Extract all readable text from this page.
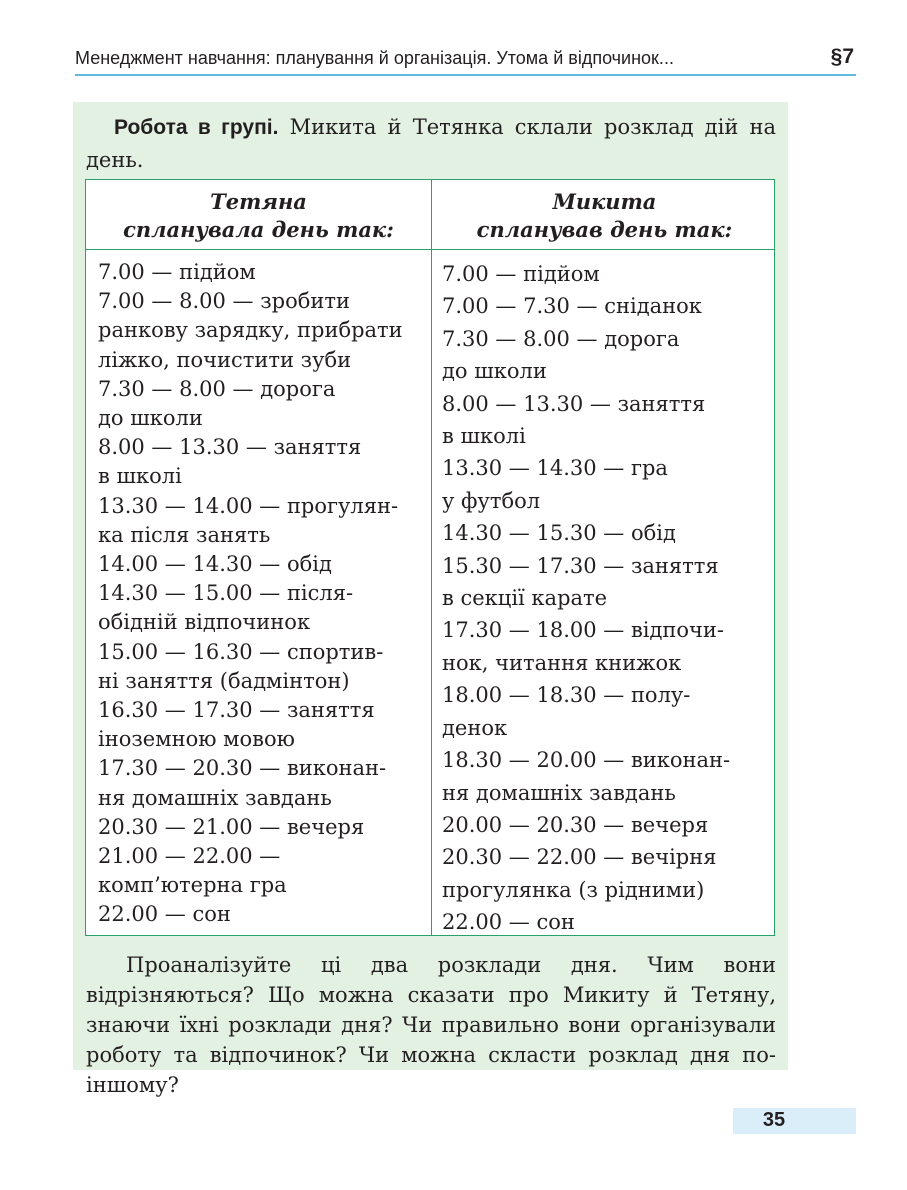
Менеджмент навчання: планування й організація. Утома й відпочинок...	§7

Робота в групі. Микита й Тетянка склали розклад дій на день.

Тетяна
спланувала день так:
Микита
спланував день так:
7.00 — підйом
7.00 — 8.00 — зробити
ранкову зарядку, прибрати
ліжко, почистити зуби
7.30 — 8.00 — дорога
до школи
8.00 — 13.30 — заняття
в школі
13.30 — 14.00 — прогулян-
ка після занять
14.00 — 14.30 — обід
14.30 — 15.00 — після-
обідній відпочинок
15.00 — 16.30 — спортив-
ні заняття (бадмінтон)
16.30 — 17.30 — заняття
іноземною мовою
17.30 — 20.30 — виконан-
ня домашніх завдань
20.30 — 21.00 — вечеря
21.00 — 22.00 —
комп’ютерна гра
22.00 — сон
7.00 — підйом
7.00 — 7.30 — сніданок
7.30 — 8.00 — дорога
до школи
8.00 — 13.30 — заняття
в школі
13.30 — 14.30 — гра
у футбол
14.30 — 15.30 — обід
15.30 — 17.30 — заняття
в секції карате
17.30 — 18.00 — відпочи-
нок, читання книжок
18.00 — 18.30 — полу-
денок
18.30 — 20.00 — виконан-
ня домашніх завдань
20.00 — 20.30 — вечеря
20.30 — 22.00 — вечірня
прогулянка (з рідними)
22.00 — сон

Проаналізуйте ці два розклади дня. Чим вони відрізняються? Що можна сказати про Микиту й Тетяну, знаючи їхні розклади дня? Чи правильно вони організували роботу та відпочинок? Чи можна скласти розклад дня по-іншому?

35
